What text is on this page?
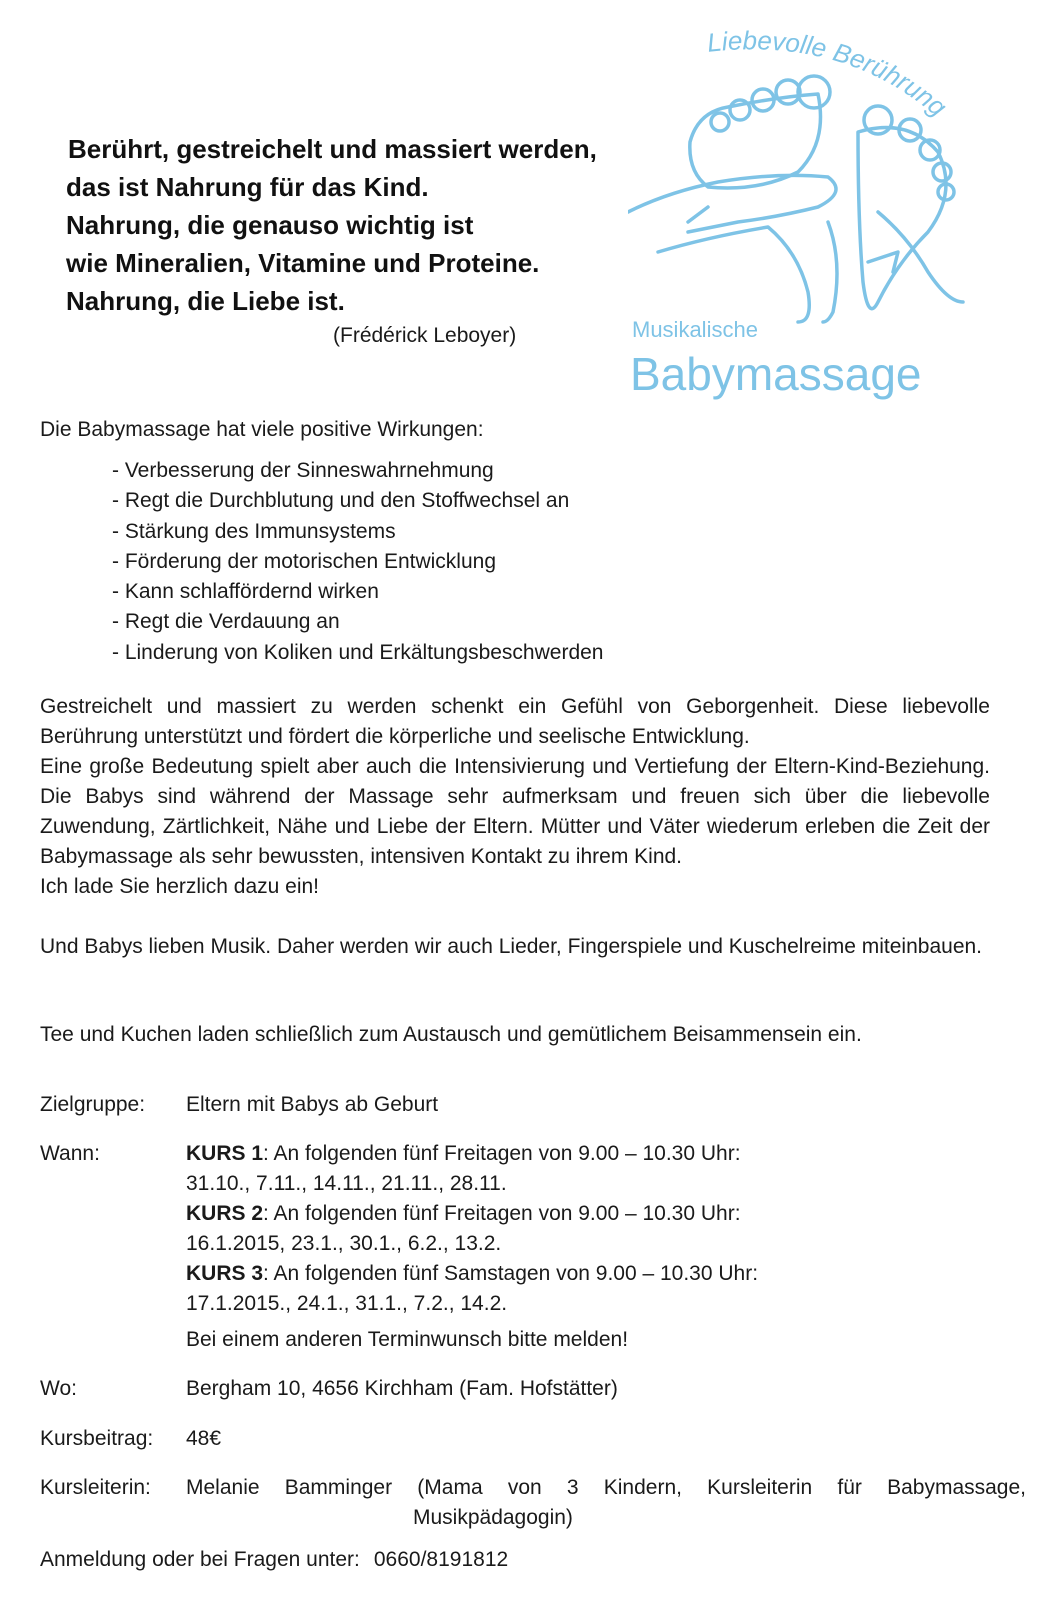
Berührt, gestreichelt und massiert werden,
das ist Nahrung für das Kind.
Nahrung, die genauso wichtig ist
wie Mineralien, Vitamine und Proteine.
Nahrung, die Liebe ist.
(Frédérick Leboyer)
Liebevolle Berührung
Musikalische
Babymassage
Die Babymassage hat viele positive Wirkungen:
- Verbesserung der Sinneswahrnehmung
- Regt die Durchblutung und den Stoffwechsel an
- Stärkung des Immunsystems
- Förderung der motorischen Entwicklung
- Kann schlaffördernd wirken
- Regt die Verdauung an
- Linderung von Koliken und Erkältungsbeschwerden
Gestreichelt und massiert zu werden schenkt ein Gefühl von Geborgenheit. Diese liebevolle Berührung unterstützt und fördert die körperliche und seelische Entwicklung.
Eine große Bedeutung spielt aber auch die Intensivierung und Vertiefung der Eltern-Kind-Beziehung. Die Babys sind während der Massage sehr aufmerksam und freuen sich über die liebevolle Zuwendung, Zärtlichkeit, Nähe und Liebe der Eltern. Mütter und Väter wiederum erleben die Zeit der Babymassage als sehr bewussten, intensiven Kontakt zu ihrem Kind.
Ich lade Sie herzlich dazu ein!
Und Babys lieben Musik. Daher werden wir auch Lieder, Fingerspiele und Kuschelreime miteinbauen.
Tee und Kuchen laden schließlich zum Austausch und gemütlichem Beisammensein ein.
Zielgruppe: Eltern mit Babys ab Geburt
Wann:	KURS 1: An folgenden fünf Freitagen von 9.00 – 10.30 Uhr:
31.10., 7.11., 14.11., 21.11., 28.11.
KURS 2: An folgenden fünf Freitagen von 9.00 – 10.30 Uhr:
16.1.2015, 23.1., 30.1., 6.2., 13.2.
KURS 3: An folgenden fünf Samstagen von 9.00 – 10.30 Uhr:
17.1.2015., 24.1., 31.1., 7.2., 14.2.
Bei einem anderen Terminwunsch bitte melden!
Wo:	Bergham 10, 4656 Kirchham (Fam. Hofstätter)
Kursbeitrag: 48€
Kursleiterin: Melanie Bamminger (Mama von 3 Kindern, Kursleiterin für Babymassage,
Musikpädagogin)
Anmeldung oder bei Fragen unter: 0660/8191812
